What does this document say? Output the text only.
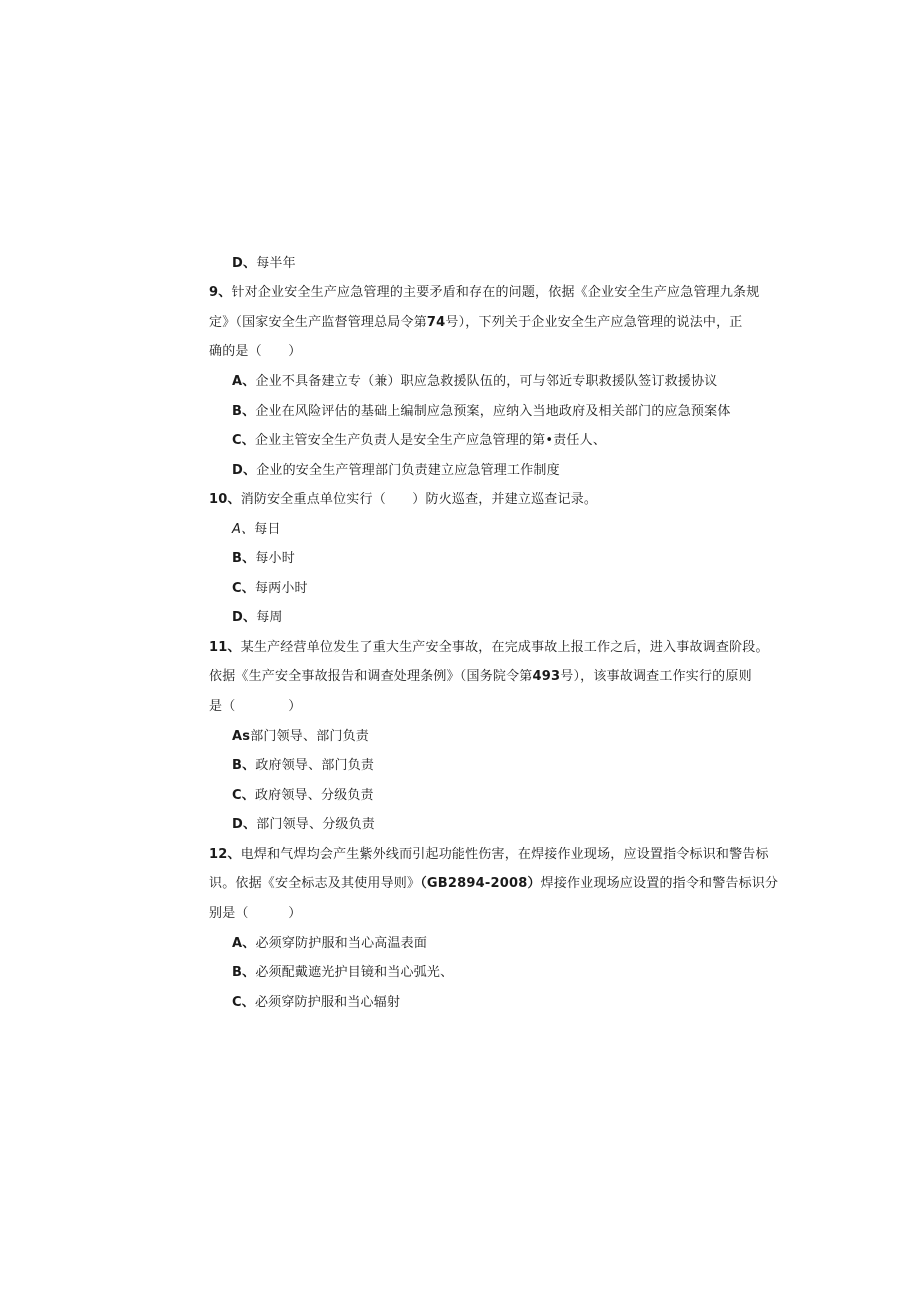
D、每半年
9、针对企业安全生产应急管理的主要矛盾和存在的问题，依据《企业安全生产应急管理九条规
定》（国家安全生产监督管理总局令第74号），下列关于企业安全生产应急管理的说法中，正
确的是（　　）
A、企业不具备建立专（兼）职应急救援队伍的，可与邻近专职救援队签订救援协议
B、企业在风险评估的基础上编制应急预案，应纳入当地政府及相关部门的应急预案体
C、企业主管安全生产负责人是安全生产应急管理的第•责任人、
D、企业的安全生产管理部门负责建立应急管理工作制度
10、消防安全重点单位实行（　　）防火巡查，并建立巡查记录。
A、每日
B、每小时
C、每两小时
D、每周
11、某生产经营单位发生了重大生产安全事故，在完成事故上报工作之后，进入事故调查阶段。
依据《生产安全事故报告和调查处理条例》（国务院令第493号），该事故调查工作实行的原则
是（　　　　）
As部门领导、部门负责
B、政府领导、部门负责
C、政府领导、分级负责
D、部门领导、分级负责
12、电焊和气焊均会产生紫外线而引起功能性伤害，在焊接作业现场，应设置指令标识和警告标
识。依据《安全标志及其使用导则》（GB2894-2008）焊接作业现场应设置的指令和警告标识分
别是（　　　）
A、必须穿防护服和当心高温表面
B、必须配戴遮光护目镜和当心弧光、
C、必须穿防护服和当心辐射
